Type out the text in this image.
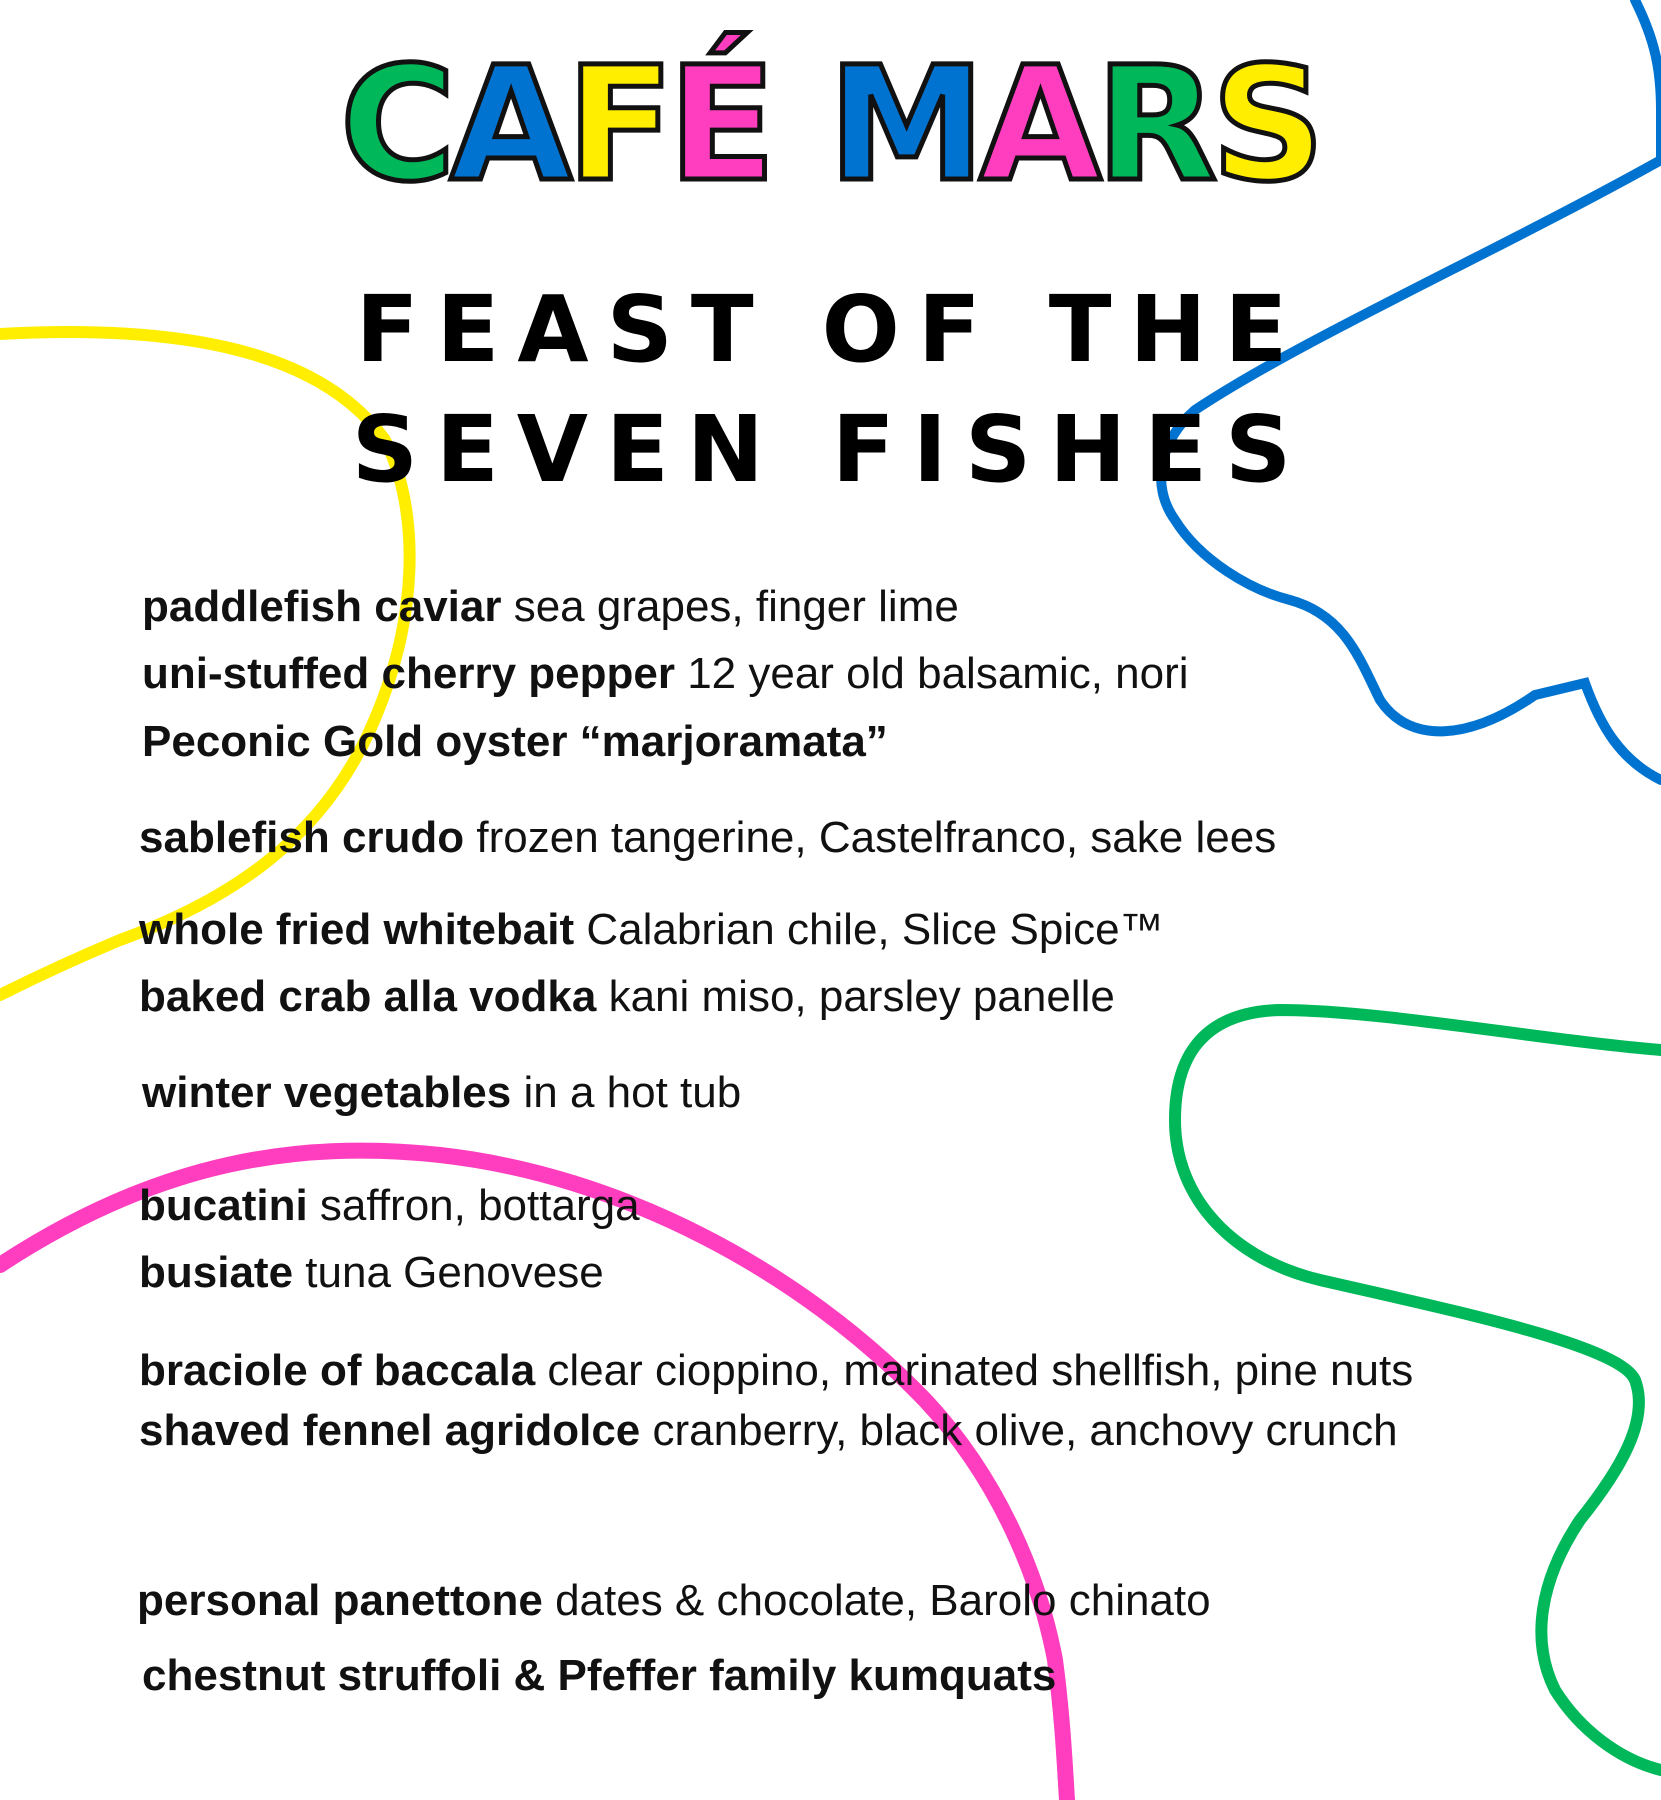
CAFÉ MARS
FEAST OF THE
SEVEN FISHES
paddlefish caviar sea grapes, finger lime
uni-stuffed cherry pepper 12 year old balsamic, nori
Peconic Gold oyster “marjoramata”
sablefish crudo frozen tangerine, Castelfranco, sake lees
whole fried whitebait Calabrian chile, Slice Spice™
baked crab alla vodka kani miso, parsley panelle
winter vegetables in a hot tub
bucatini saffron, bottarga
busiate tuna Genovese
braciole of baccala clear cioppino, marinated shellfish, pine nuts
shaved fennel agridolce cranberry, black olive, anchovy crunch
personal panettone dates & chocolate, Barolo chinato
chestnut struffoli & Pfeffer family kumquats
